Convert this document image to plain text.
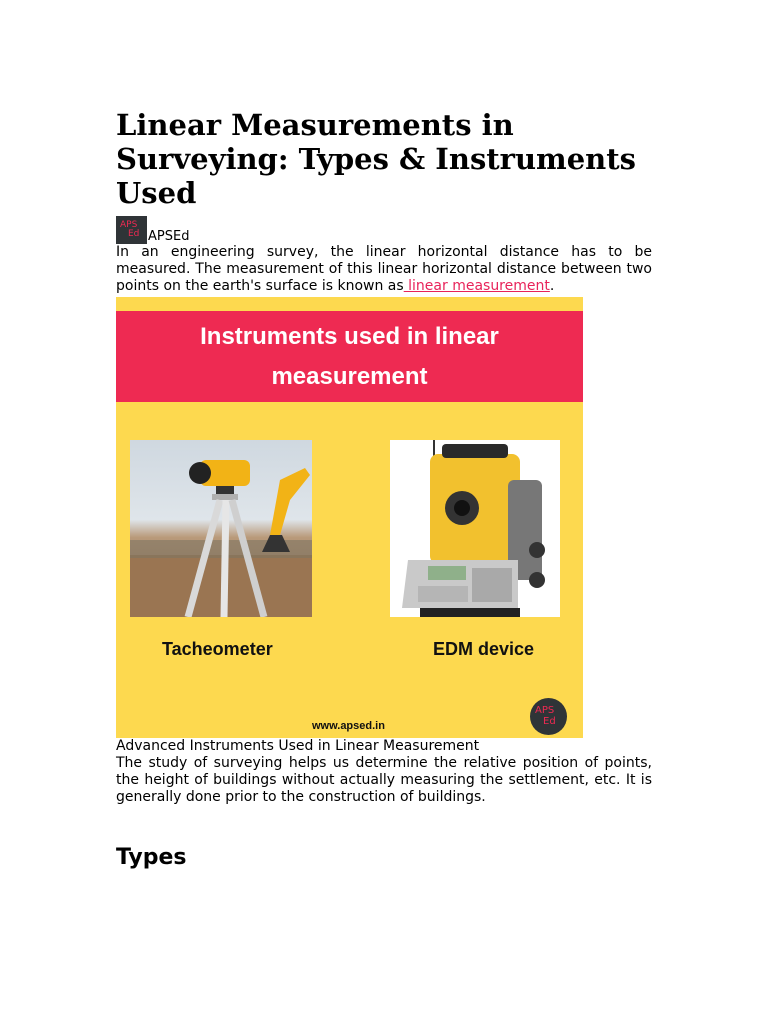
Linear Measurements in Surveying: Types & Instruments Used
APS
Ed APSEd

In an engineering survey, the linear horizontal distance has to be measured. The measurement of this linear horizontal distance between two points on the earth's surface is known as linear measurement.

Instruments used in linear
measurement
Tacheometer	EDM device
www.apsed.in
APS
Ed
Advanced Instruments Used in Linear Measurement

The study of surveying helps us determine the relative position of points, the height of buildings without actually measuring the settlement, etc. It is generally done prior to the construction of buildings.

Types
